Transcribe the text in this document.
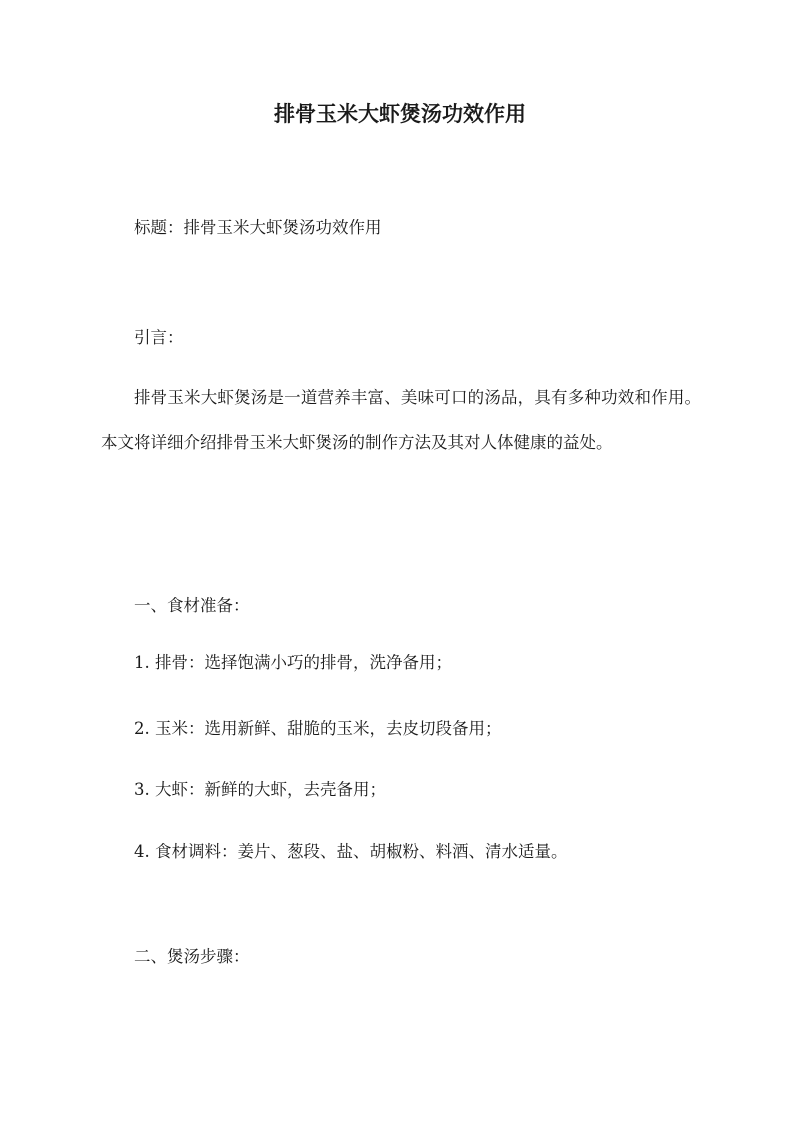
排骨玉米大虾煲汤功效作用
标题：排骨玉米大虾煲汤功效作用
引言：
排骨玉米大虾煲汤是一道营养丰富、美味可口的汤品，具有多种功效和作用。本文将详细介绍排骨玉米大虾煲汤的制作方法及其对人体健康的益处。
一、食材准备：
1. 排骨：选择饱满小巧的排骨，洗净备用；
2. 玉米：选用新鲜、甜脆的玉米，去皮切段备用；
3. 大虾：新鲜的大虾，去壳备用；
4. 食材调料：姜片、葱段、盐、胡椒粉、料酒、清水适量。
二、煲汤步骤：
